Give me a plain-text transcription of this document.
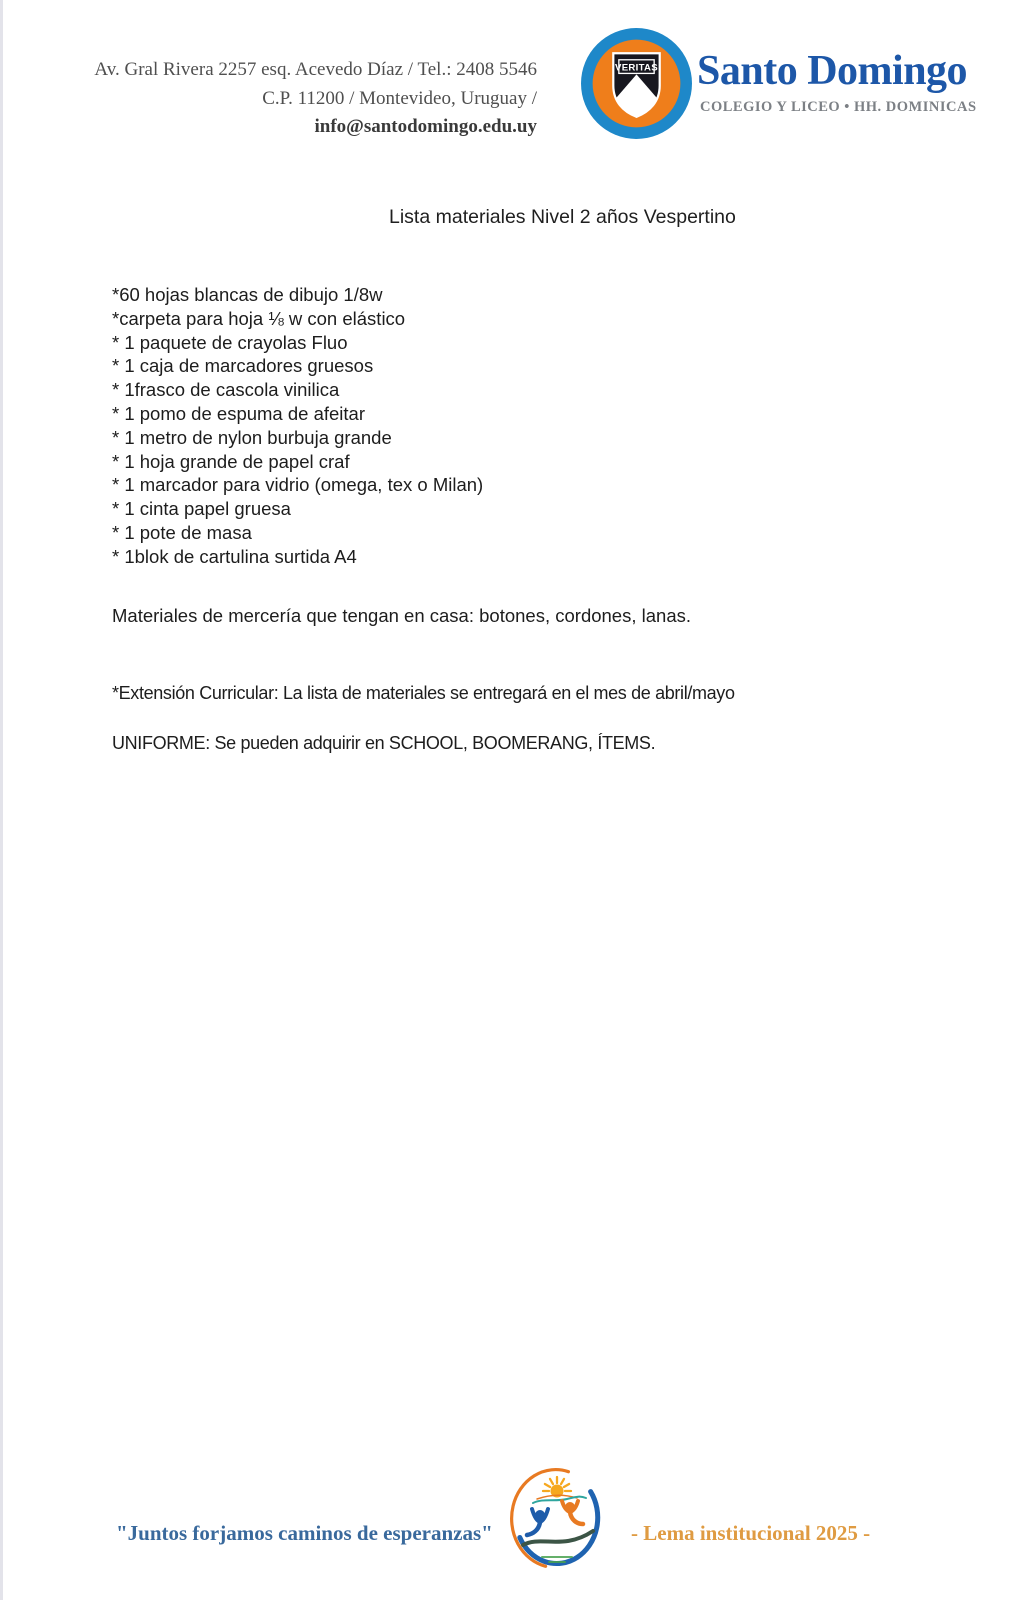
Av. Gral Rivera 2257 esq. Acevedo Díaz / Tel.: 2408 5546
C.P. 11200 / Montevideo, Uruguay / info@santodomingo.edu.uy
VERITAS Santo Domingo
COLEGIO Y LICEO • HH. DOMINICAS
Lista materiales Nivel 2 años Vespertino
*60 hojas blancas de dibujo 1/8w
*carpeta para hoja ⅛ w con elástico
* 1 paquete de crayolas Fluo
* 1 caja de marcadores gruesos
* 1frasco de cascola vinilica
* 1 pomo de espuma de afeitar
* 1 metro de nylon burbuja grande
* 1 hoja grande de papel craf
* 1 marcador para vidrio (omega, tex o Milan)
* 1 cinta papel gruesa
* 1 pote de masa
* 1blok de cartulina surtida A4

Materiales de mercería que tengan en casa: botones, cordones, lanas.

*Extensión Curricular: La lista de materiales se entregará en el mes de abril/mayo

UNIFORME: Se pueden adquirir en SCHOOL, BOOMERANG, ÍTEMS.

"Juntos forjamos caminos de esperanzas"	- Lema institucional 2025 -
